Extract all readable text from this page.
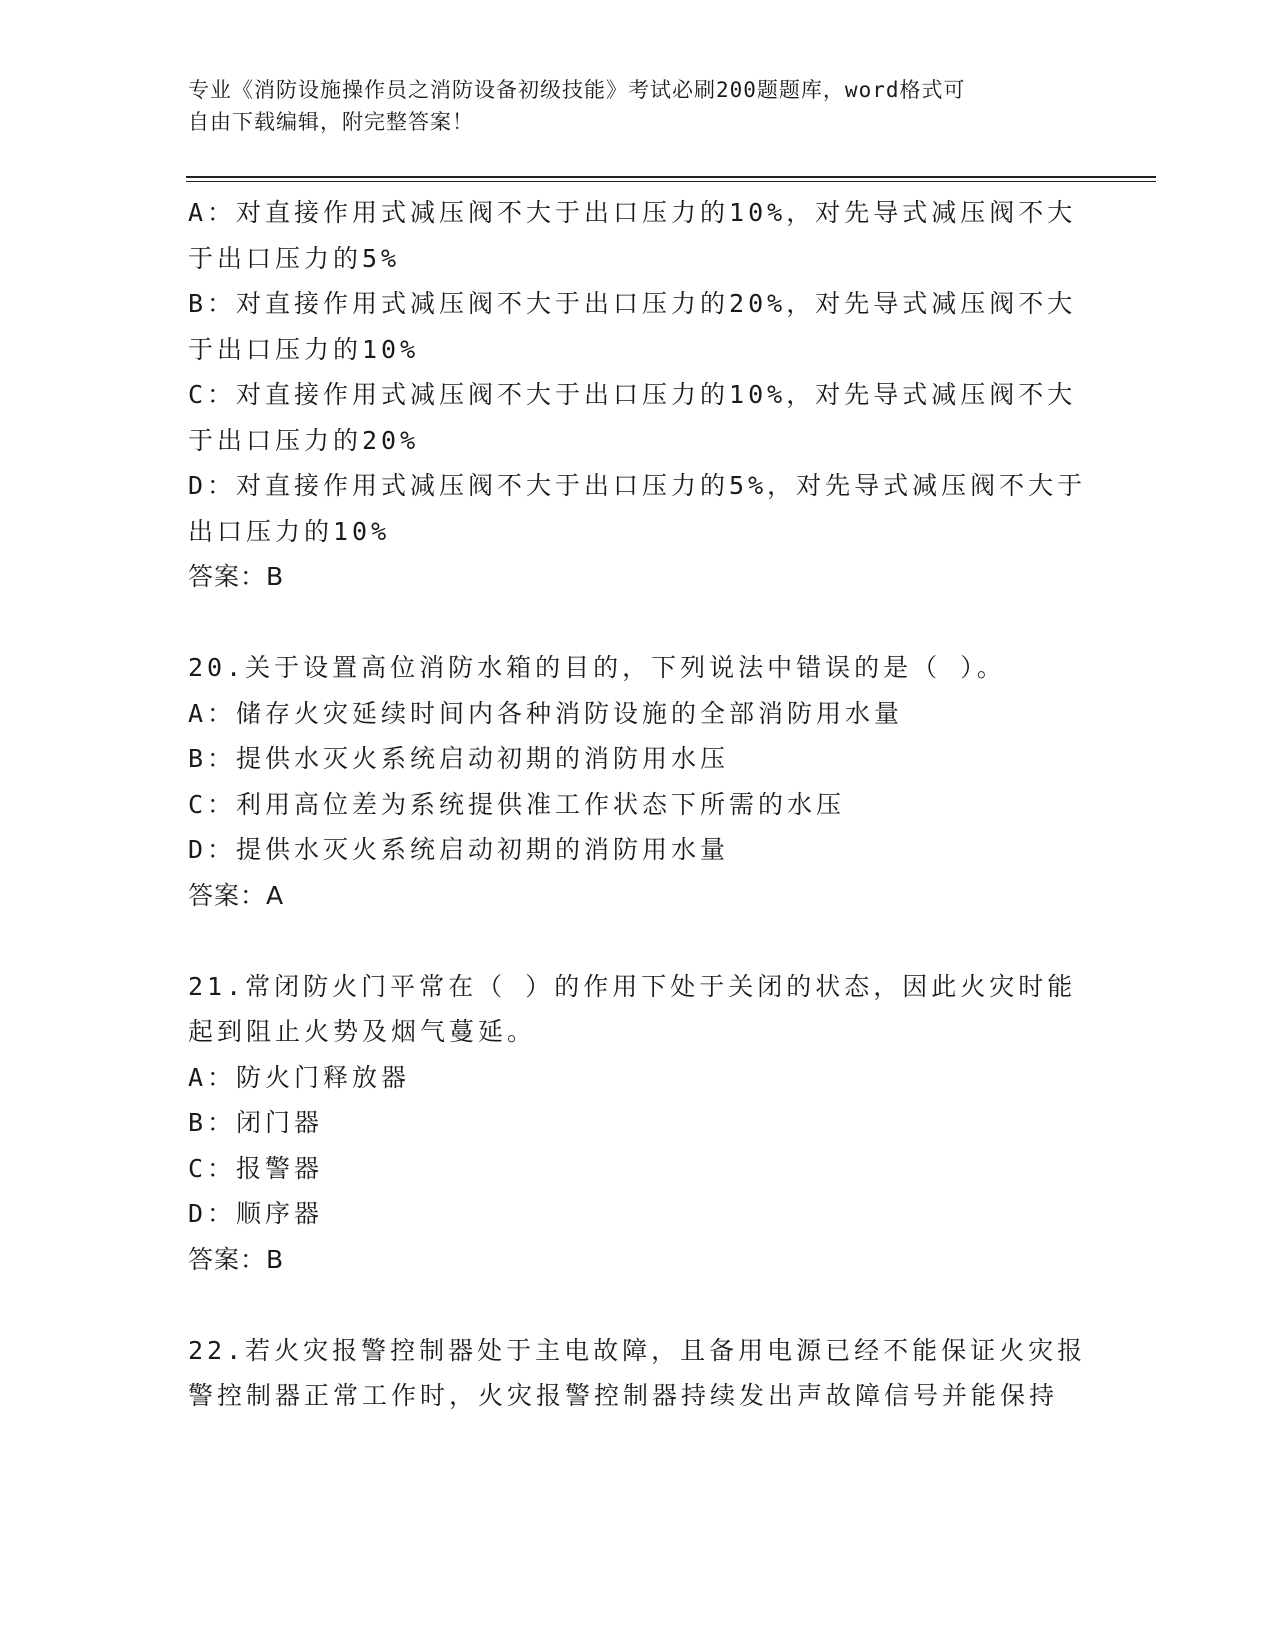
专业《消防设施操作员之消防设备初级技能》考试必刷200题题库，word格式可
自由下载编辑，附完整答案！
A：对直接作用式减压阀不大于出口压力的10%，对先导式减压阀不大
于出口压力的5%
B：对直接作用式减压阀不大于出口压力的20%，对先导式减压阀不大
于出口压力的10%
C：对直接作用式减压阀不大于出口压力的10%，对先导式减压阀不大
于出口压力的20%
D：对直接作用式减压阀不大于出口压力的5%，对先导式减压阀不大于
出口压力的10%
答案：B
20.关于设置高位消防水箱的目的，下列说法中错误的是（ ）。
A：储存火灾延续时间内各种消防设施的全部消防用水量
B：提供水灭火系统启动初期的消防用水压
C：利用高位差为系统提供准工作状态下所需的水压
D：提供水灭火系统启动初期的消防用水量
答案：A
21.常闭防火门平常在（ ）的作用下处于关闭的状态，因此火灾时能
起到阻止火势及烟气蔓延。
A：防火门释放器
B：闭门器
C：报警器
D：顺序器
答案：B
22.若火灾报警控制器处于主电故障，且备用电源已经不能保证火灾报
警控制器正常工作时，火灾报警控制器持续发出声故障信号并能保持
